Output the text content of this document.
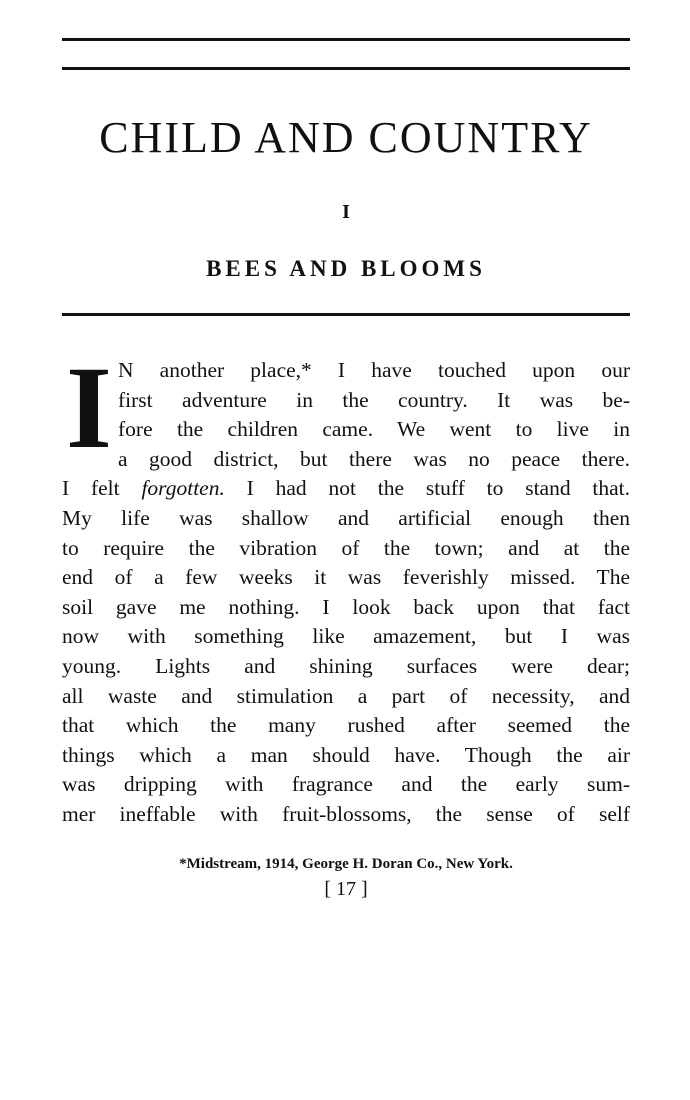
CHILD AND COUNTRY
I
BEES AND BLOOMS
I N another place,* I have touched upon our
first adventure in the country. It was be-
fore the children came. We went to live in
a good district, but there was no peace there.
I felt forgotten. I had not the stuff to stand that.
My life was shallow and artificial enough then
to require the vibration of the town; and at the
end of a few weeks it was feverishly missed. The
soil gave me nothing. I look back upon that fact
now with something like amazement, but I was
young. Lights and shining surfaces were dear;
all waste and stimulation a part of necessity, and
that which the many rushed after seemed the
things which a man should have. Though the air
was dripping with fragrance and the early sum-
mer ineffable with fruit-blossoms, the sense of self
*Midstream, 1914, George H. Doran Co., New York.
[ 17 ]
